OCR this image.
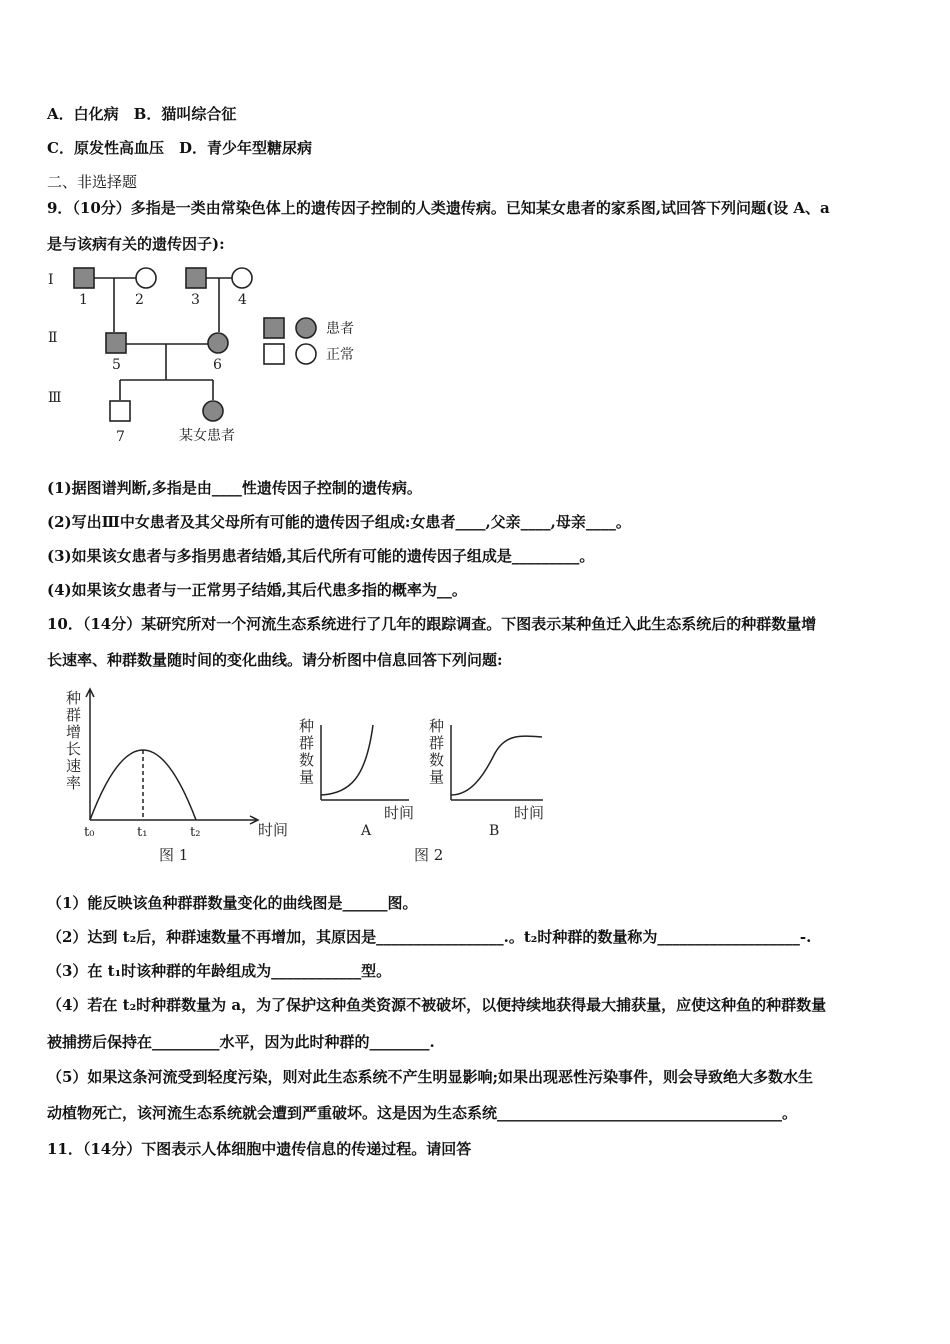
A．白化病　B．猫叫综合征
C．原发性高血压　D．青少年型糖尿病
二、非选择题
9．（10分）多指是一类由常染色体上的遗传因子控制的人类遗传病。已知某女患者的家系图,试回答下列问题(设 A、a
是与该病有关的遗传因子):
Ⅰ
Ⅱ
Ⅲ
1	2	3	4
5	6
7	某女患者
患者
正常
(1)据图谱判断,多指是由____性遗传因子控制的遗传病。
(2)写出Ⅲ中女患者及其父母所有可能的遗传因子组成:女患者____,父亲____,母亲____。
(3)如果该女患者与多指男患者结婚,其后代所有可能的遗传因子组成是_________。
(4)如果该女患者与一正常男子结婚,其后代患多指的概率为__。
10．（14分）某研究所对一个河流生态系统进行了几年的跟踪调查。下图表示某种鱼迁入此生态系统后的种群数量增
长速率、种群数量随时间的变化曲线。请分析图中信息回答下列问题:
种
群
增
长
速
率
时间
t₀	t₁	t₂
图 1
种
群
数
量
时间
A
种
群
数
量
时间
B
图 2
（1）能反映该鱼种群群数量变化的曲线图是______图。
（2）达到 t₂后，种群速数量不再增加，其原因是_________________.。t₂时种群的数量称为___________________-.
（3）在 t₁时该种群的年龄组成为____________型。
（4）若在 t₂时种群数量为 a，为了保护这种鱼类资源不被破坏，以便持续地获得最大捕获量，应使这种鱼的种群数量
被捕捞后保持在_________水平，因为此时种群的________.
（5）如果这条河流受到轻度污染，则对此生态系统不产生明显影响;如果出现恶性污染事件，则会导致绝大多数水生
动植物死亡，该河流生态系统就会遭到严重破坏。这是因为生态系统______________________________________。
11．（14分）下图表示人体细胞中遗传信息的传递过程。请回答
